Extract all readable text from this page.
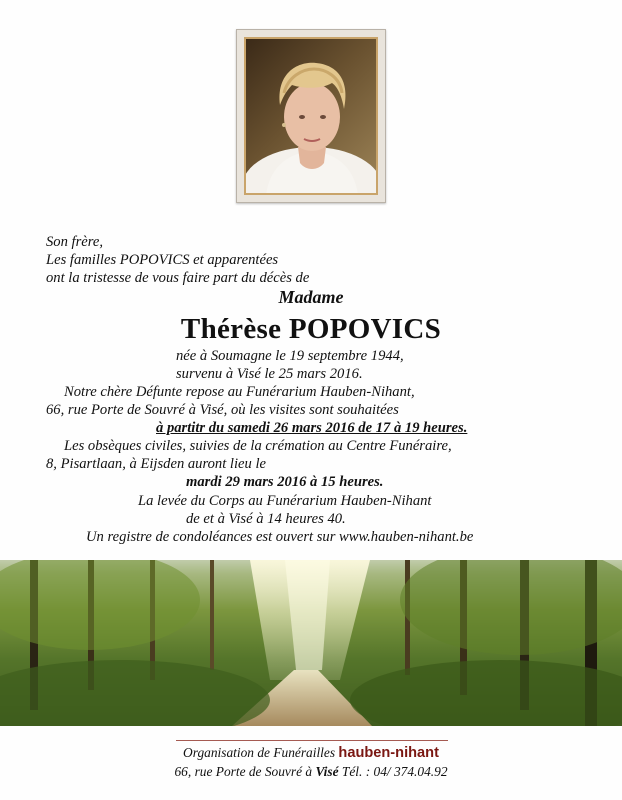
Son frère,
Les familles POPOVICS et apparentées
ont la tristesse de vous faire part du décès de
Madame
Thérèse POPOVICS
née à Soumagne le 19 septembre 1944,
survenu à Visé le 25 mars 2016.
Notre chère Défunte repose au Funérarium Hauben-Nihant,
66, rue Porte de Souvré à Visé, où les visites sont souhaitées
à partitr du samedi 26 mars 2016 de 17 à 19 heures.
Les obsèques civiles, suivies de la crémation au Centre Funéraire,
8, Pisartlaan, à Eijsden auront lieu le
mardi 29 mars 2016 à 15 heures.
La levée du Corps au Funérarium Hauben-Nihant
de et à Visé à 14 heures 40.
Un registre de condoléances est ouvert sur www.hauben-nihant.be
Organisation de Funérailles hauben-nihant
66, rue Porte de Souvré à Visé Tél. : 04/ 374.04.92
